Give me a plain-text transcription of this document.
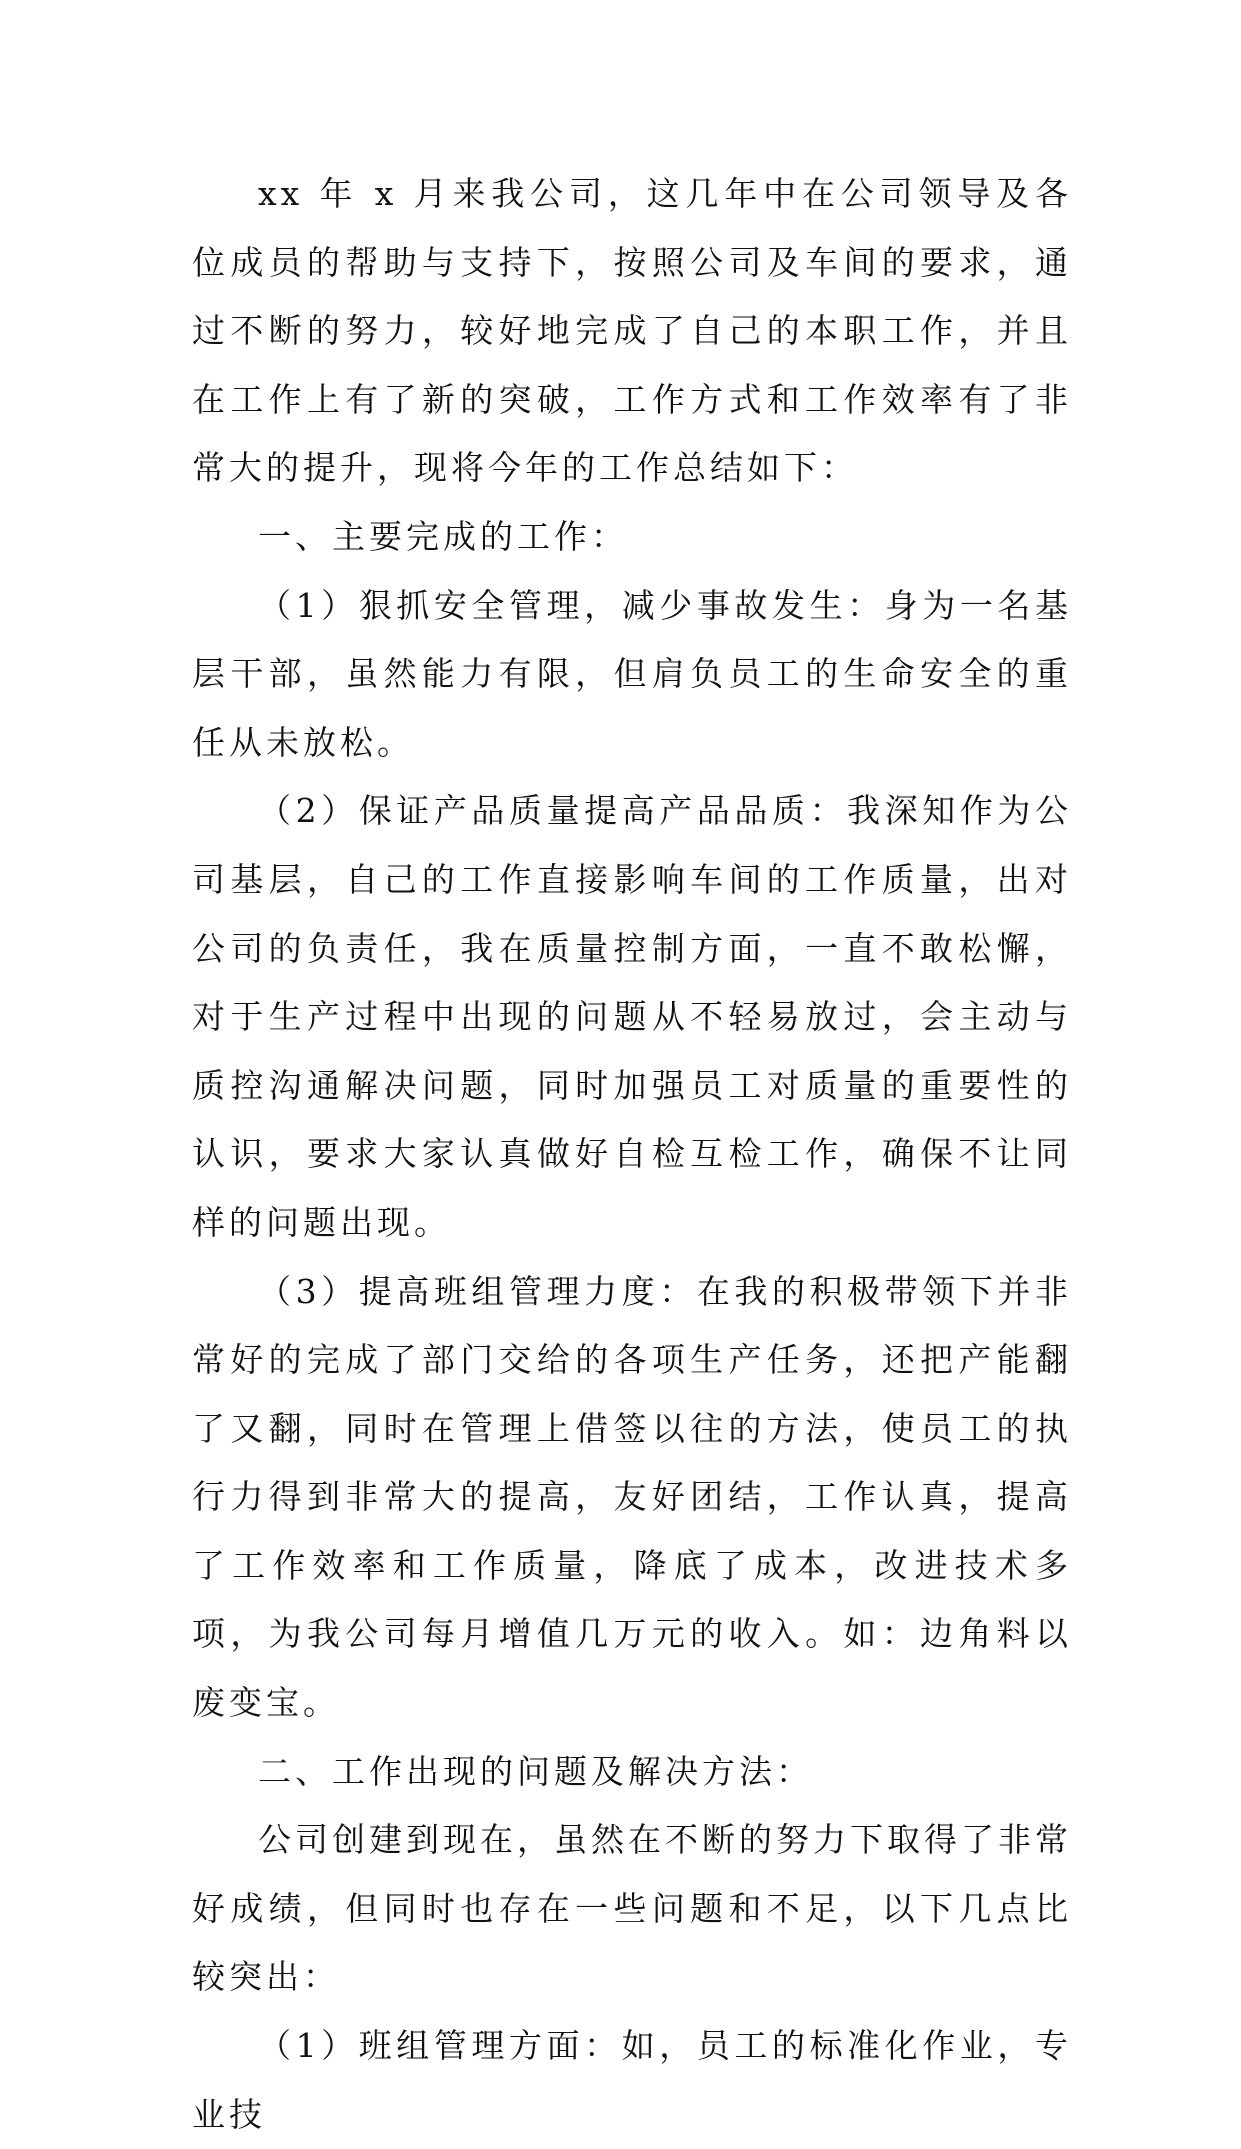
xx 年 x 月来我公司，这几年中在公司领导及各位成员的帮助与支持下，按照公司及车间的要求，通过不断的努力，较好地完成了自己的本职工作，并且在工作上有了新的突破，工作方式和工作效率有了非常大的提升，现将今年的工作总结如下：

一、主要完成的工作：

（1）狠抓安全管理，减少事故发生：身为一名基层干部，虽然能力有限，但肩负员工的生命安全的重任从未放松。

（2）保证产品质量提高产品品质：我深知作为公司基层，自己的工作直接影响车间的工作质量，出对公司的负责任，我在质量控制方面，一直不敢松懈，对于生产过程中出现的问题从不轻易放过，会主动与质控沟通解决问题，同时加强员工对质量的重要性的认识，要求大家认真做好自检互检工作，确保不让同样的问题出现。

（3）提高班组管理力度：在我的积极带领下并非常好的完成了部门交给的各项生产任务，还把产能翻了又翻，同时在管理上借签以往的方法，使员工的执行力得到非常大的提高，友好团结，工作认真，提高了工作效率和工作质量，降底了成本，改进技术多项，为我公司每月增值几万元的收入。如：边角料以废变宝。

二、工作出现的问题及解决方法：

公司创建到现在，虽然在不断的努力下取得了非常好成绩，但同时也存在一些问题和不足，以下几点比较突出：

（1）班组管理方面：如，员工的标准化作业，专业技
